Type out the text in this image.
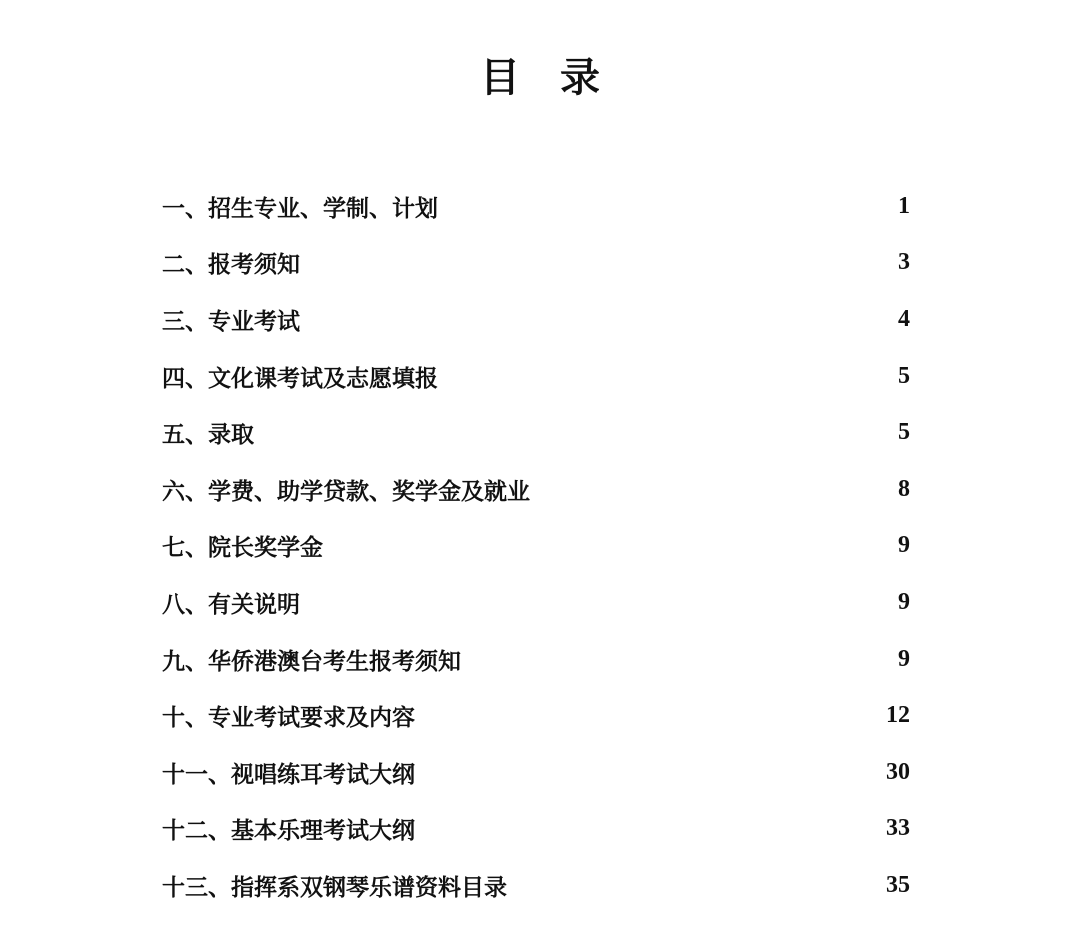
目录
一、招生专业、学制、计划	1
二、报考须知	3
三、专业考试	4
四、文化课考试及志愿填报	5
五、录取	5
六、学费、助学贷款、奖学金及就业	8
七、院长奖学金	9
八、有关说明	9
九、华侨港澳台考生报考须知	9
十、专业考试要求及内容	12
十一、视唱练耳考试大纲	30
十二、基本乐理考试大纲	33
十三、指挥系双钢琴乐谱资料目录	35
